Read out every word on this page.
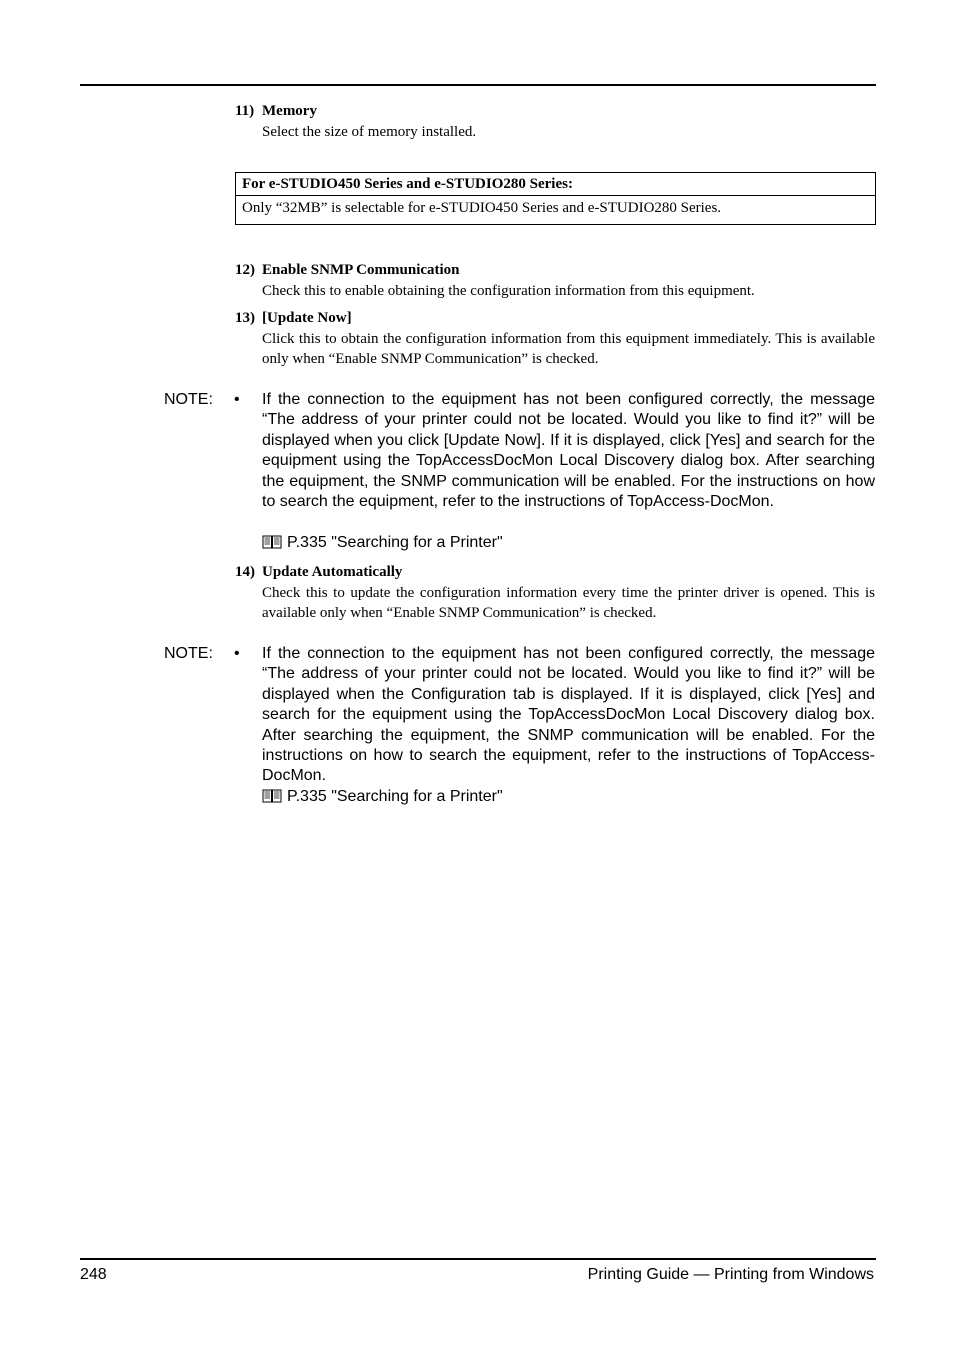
11) Memory
Select the size of memory installed.
For e-STUDIO450 Series and e-STUDIO280 Series:
Only “32MB” is selectable for e-STUDIO450 Series and e-STUDIO280 Series.
12) Enable SNMP Communication
Check this to enable obtaining the configuration information from this equipment.
13) [Update Now]
Click this to obtain the configuration information from this equipment immediately. This is available only when “Enable SNMP Communication” is checked.
NOTE: • If the connection to the equipment has not been configured correctly, the message “The address of your printer could not be located. Would you like to find it?” will be displayed when you click [Update Now]. If it is displayed, click [Yes] and search for the equipment using the TopAccessDocMon Local Discovery dialog box. After searching the equipment, the SNMP communication will be enabled. For the instructions on how to search the equipment, refer to the instructions of TopAccess-DocMon.
P.335 "Searching for a Printer"
14) Update Automatically
Check this to update the configuration information every time the printer driver is opened. This is available only when “Enable SNMP Communication” is checked.
NOTE: • If the connection to the equipment has not been configured correctly, the message “The address of your printer could not be located. Would you like to find it?” will be displayed when the Configuration tab is displayed. If it is displayed, click [Yes] and search for the equipment using the TopAccessDocMon Local Discovery dialog box. After searching the equipment, the SNMP communication will be enabled. For the instructions on how to search the equipment, refer to the instructions of TopAccess-DocMon.
P.335 "Searching for a Printer"
248	Printing Guide — Printing from Windows
